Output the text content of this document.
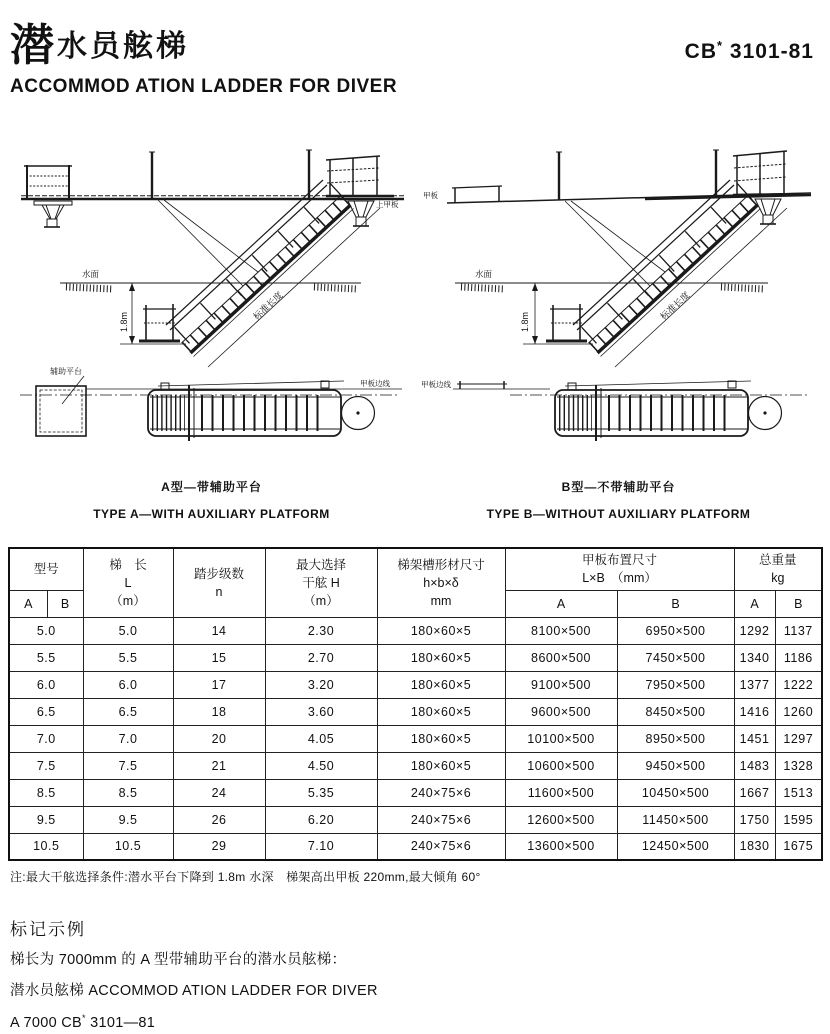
潜水员舷梯	CB* 3101-81
ACCOMMOD ATION LADDER FOR DIVER
水面
1.8m
标准长度
上甲板
辅助平台
甲板边线
A型—带辅助平台
TYPE A—WITH AUXILIARY PLATFORM
甲板
水面
1.8m
标准长度
甲板边线
B型—不带辅助平台
TYPE B—WITHOUT AUXILIARY PLATFORM
型号	梯　长
L
（m）

踏步级数
n

最大选择
干舷 H
（m）

梯架槽形材尺寸
h×b×δ
mm

甲板布置尺寸
L×B　（mm）

总重量
kg

A	B					A	B	A	B
5.0		5.0	14	2.30	180×60×5	8100×500	6950×500	1292	1137
5.5		5.5	15	2.70	180×60×5	8600×500	7450×500	1340	1186
6.0		6.0	17	3.20	180×60×5	9100×500	7950×500	1377	1222
6.5		6.5	18	3.60	180×60×5	9600×500	8450×500	1416	1260
7.0		7.0	20	4.05	180×60×5	10100×500	8950×500	1451	1297
7.5		7.5	21	4.50	180×60×5	10600×500	9450×500	1483	1328
8.5		8.5	24	5.35	240×75×6	11600×500	10450×500	1667	1513
9.5		9.5	26	6.20	240×75×6	12600×500	11450×500	1750	1595
10.5		10.5	29	7.10	240×75×6	13600×500	12450×500	1830	1675
注:最大干舷选择条件:潜水平台下降到 1.8m 水深　梯架高出甲板 220mm,最大倾角 60°
标记示例
梯长为 7000mm 的 A 型带辅助平台的潜水员舷梯：
潜水员舷梯 ACCOMMOD ATION LADDER FOR DIVER
A 7000 CB* 3101—81
